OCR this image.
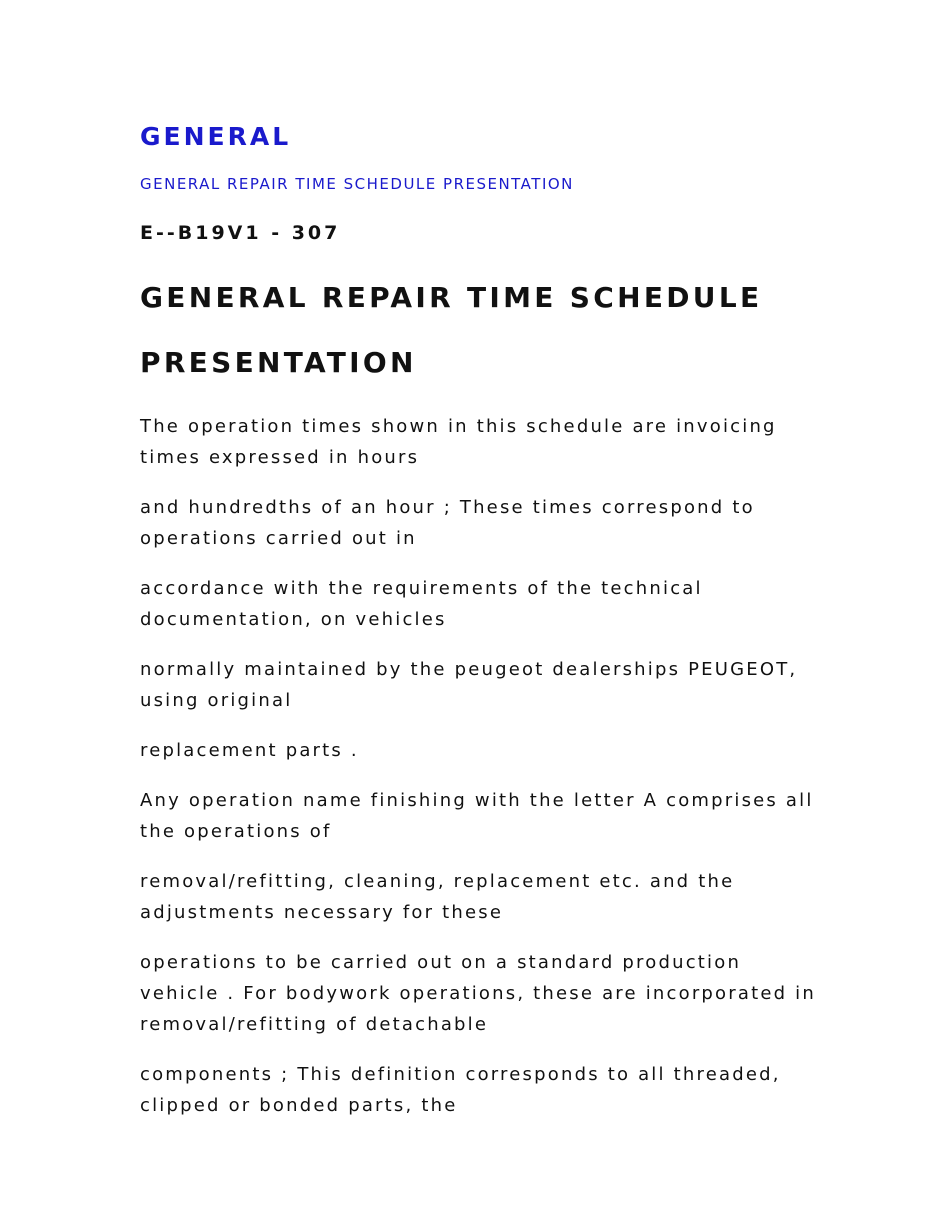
GENERAL
GENERAL REPAIR TIME SCHEDULE PRESENTATION
E--B19V1 - 307
GENERAL REPAIR TIME SCHEDULE
PRESENTATION

The operation times shown in this schedule are invoicing times expressed in hours

and hundredths of an hour ; These times correspond to operations carried out in

accordance with the requirements of the technical documentation, on vehicles

normally maintained by the peugeot dealerships PEUGEOT, using original

replacement parts .

Any operation name finishing with the letter A comprises all the operations of

removal/refitting, cleaning, replacement etc. and the adjustments necessary for these

operations to be carried out on a standard production vehicle . For bodywork operations, these are incorporated in removal/refitting of detachable

components ; This definition corresponds to all threaded, clipped or bonded parts, the
